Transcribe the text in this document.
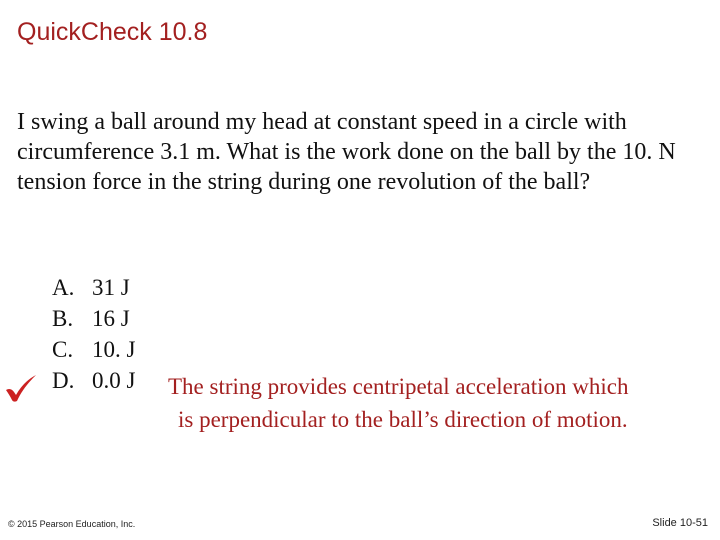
QuickCheck 10.8

I swing a ball around my head at constant speed in a circle with circumference 3.1 m. What is the work done on the ball by the 10. N tension force in the string during one revolution of the ball?

A. 31 J
B. 16 J
C. 10. J
D. 0.0 J The string provides centripetal acceleration which
is perpendicular to the ball’s direction of motion.

© 2015 Pearson Education, Inc.	Slide 10-51
